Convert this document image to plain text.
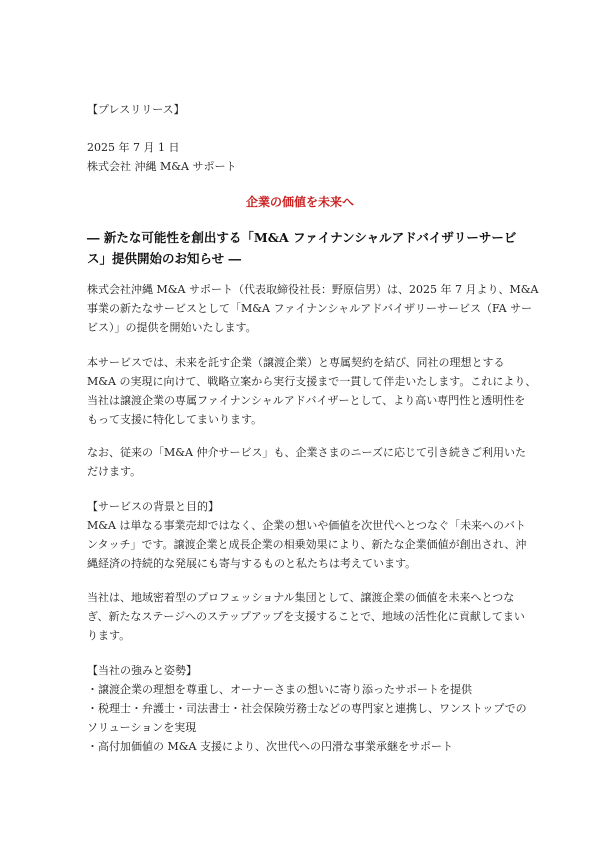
【プレスリリース】
2025 年 7 月 1 日
株式会社 沖縄 M&A サポート
企業の価値を未来へ
― 新たな可能性を創出する「M&A ファイナンシャルアドバイザリーサービ
ス」提供開始のお知らせ ―
株式会社沖縄 M&A サポート（代表取締役社長：野原信男）は、2025 年 7 月より、M&A
事業の新たなサービスとして「M&A ファイナンシャルアドバイザリーサービス（FA サー
ビス）」の提供を開始いたします。
本サービスでは、未来を託す企業（譲渡企業）と専属契約を結び、同社の理想とする
M&A の実現に向けて、戦略立案から実行支援まで一貫して伴走いたします。これにより、
当社は譲渡企業の専属ファイナンシャルアドバイザーとして、より高い専門性と透明性を
もって支援に特化してまいります。
なお、従来の「M&A 仲介サービス」も、企業さまのニーズに応じて引き続きご利用いた
だけます。
【サービスの背景と目的】
M&A は単なる事業売却ではなく、企業の想いや価値を次世代へとつなぐ「未来へのバト
ンタッチ」です。譲渡企業と成長企業の相乗効果により、新たな企業価値が創出され、沖
縄経済の持続的な発展にも寄与するものと私たちは考えています。
当社は、地域密着型のプロフェッショナル集団として、譲渡企業の価値を未来へとつな
ぎ、新たなステージへのステップアップを支援することで、地域の活性化に貢献してまい
ります。
【当社の強みと姿勢】
・譲渡企業の理想を尊重し、オーナーさまの想いに寄り添ったサポートを提供
・税理士・弁護士・司法書士・社会保険労務士などの専門家と連携し、ワンストップでの
ソリューションを実現
・高付加価値の M&A 支援により、次世代への円滑な事業承継をサポート
